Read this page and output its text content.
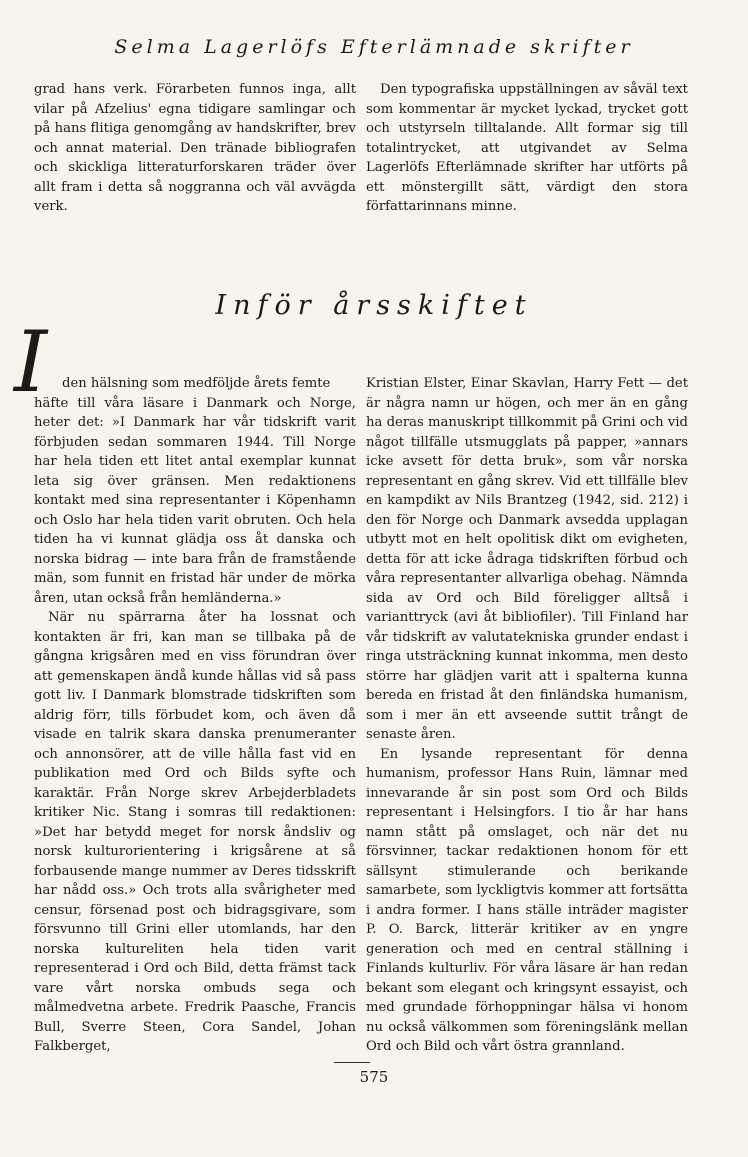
Selma Lagerlöfs Efterlämnade skrifter

grad hans verk. Förarbeten funnos inga, allt vilar på Afzelius' egna tidigare samlingar och på hans flitiga genomgång av handskrifter, brev och annat material. Den tränade bibliografen och skickliga litteraturforskaren träder över allt fram i detta så noggranna och väl avvägda verk.

Den typografiska uppställningen av såväl text som kommentar är mycket lyckad, trycket gott och utstyrseln tilltalande. Allt formar sig till totalintrycket, att utgivandet av Selma Lagerlöfs Efterlämnade skrifter har utförts på ett mönstergillt sätt, värdigt den stora författarinnans minne.

Inför årsskiftet
I	den hälsning som medföljde årets femte
häfte till våra läsare i Danmark och Norge, heter det: »I Danmark har vår tidskrift varit förbjuden sedan sommaren 1944. Till Norge har hela tiden ett litet antal exemplar kunnat leta sig över gränsen. Men redaktionens kontakt med sina representanter i Köpenhamn och Oslo har hela tiden varit obruten. Och hela tiden ha vi kunnat glädja oss åt danska och norska bidrag — inte bara från de framstående män, som funnit en fristad här under de mörka åren, utan också från hemländerna.»

När nu spärrarna åter ha lossnat och kontakten är fri, kan man se tillbaka på de gångna krigsåren med en viss förundran över att gemenskapen ändå kunde hållas vid så pass gott liv. I Danmark blomstrade tidskriften som aldrig förr, tills förbudet kom, och även då visade en talrik skara danska prenumeranter och annonsörer, att de ville hålla fast vid en publikation med Ord och Bilds syfte och karaktär. Från Norge skrev Arbejderbladets kritiker Nic. Stang i somras till redaktionen: »Det har betydd meget for norsk åndsliv og norsk kulturorientering i krigsårene at så forbausende mange nummer av Deres tidsskrift har nådd oss.» Och trots alla svårigheter med censur, försenad post och bidragsgivare, som försvunno till Grini eller utomlands, har den norska kultureliten hela tiden varit representerad i Ord och Bild, detta främst tack vare vårt norska ombuds sega och målmedvetna arbete. Fredrik Paasche, Francis Bull, Sverre Steen, Cora Sandel, Johan Falkberget,

Kristian Elster, Einar Skavlan, Harry Fett — det är några namn ur högen, och mer än en gång ha deras manuskript tillkommit på Grini och vid något tillfälle utsmugglats på papper, »annars icke avsett för detta bruk», som vår norska representant en gång skrev. Vid ett tillfälle blev en kampdikt av Nils Brantzeg (1942, sid. 212) i den för Norge och Danmark avsedda upplagan utbytt mot en helt opolitisk dikt om evigheten, detta för att icke ådraga tidskriften förbud och våra representanter allvarliga obehag. Nämnda sida av Ord och Bild föreligger alltså i varianttryck (avi åt bibliofiler). Till Finland har vår tidskrift av valutatekniska grunder endast i ringa utsträckning kunnat inkomma, men desto större har glädjen varit att i spalterna kunna bereda en fristad åt den finländska humanism, som i mer än ett avseende suttit trångt de senaste åren.

En lysande representant för denna humanism, professor Hans Ruin, lämnar med innevarande år sin post som Ord och Bilds representant i Helsingfors. I tio år har hans namn stått på omslaget, och när det nu försvinner, tackar redaktionen honom för ett sällsynt stimulerande och berikande samarbete, som lyckligtvis kommer att fortsätta i andra former. I hans ställe inträder magister P. O. Barck, litterär kritiker av en yngre generation och med en central ställning i Finlands kulturliv. För våra läsare är han redan bekant som elegant och kringsynt essayist, och med grundade förhoppningar hälsa vi honom nu också välkommen som föreningslänk mellan Ord och Bild och vårt östra grannland.

575
